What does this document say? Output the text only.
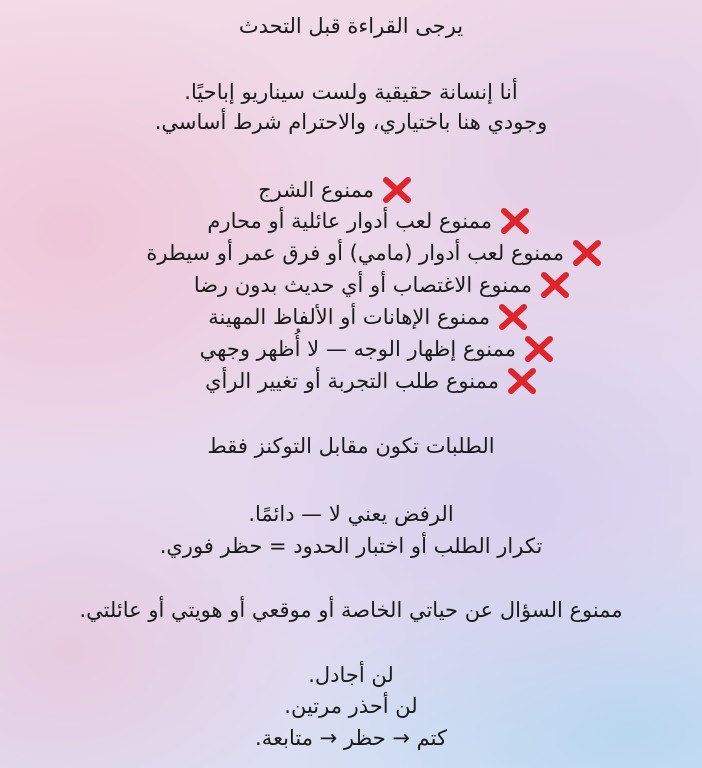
يرجى القراءة قبل التحدث
أنا إنسانة حقيقية ولست سيناريو إباحيًا.
وجودي هنا باختياري، والاحترام شرط أساسي.
ممنوع الشرج
ممنوع لعب أدوار عائلية أو محارم
ممنوع لعب أدوار (مامي) أو فرق عمر أو سيطرة
ممنوع الاغتصاب أو أي حديث بدون رضا
ممنوع الإهانات أو الألفاظ المهينة
ممنوع إظهار الوجه — لا أُظهر وجهي
ممنوع طلب التجربة أو تغيير الرأي
الطلبات تكون مقابل التوكنز فقط
الرفض يعني لا — دائمًا.
تكرار الطلب أو اختبار الحدود = حظر فوري.
ممنوع السؤال عن حياتي الخاصة أو موقعي أو هويتي أو عائلتي.
لن أجادل.
لن أحذر مرتين.
كتم → حظر → متابعة.
